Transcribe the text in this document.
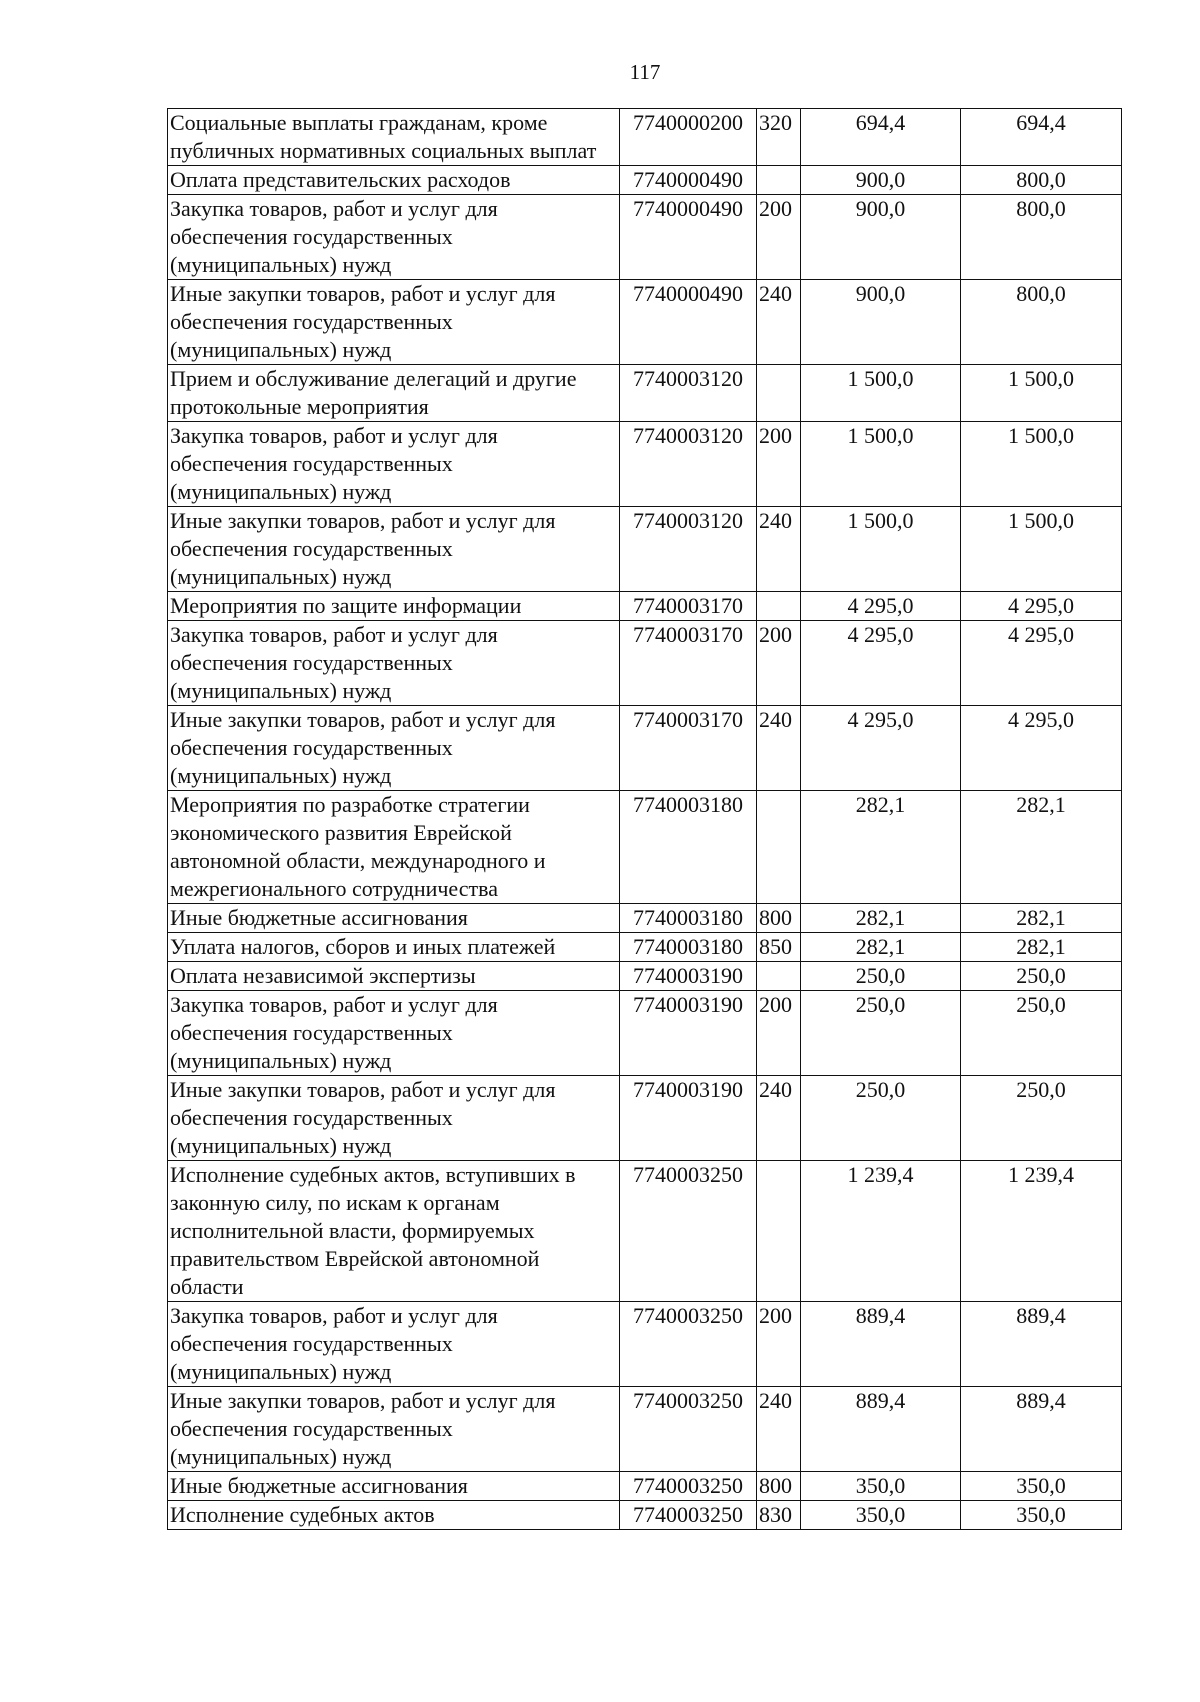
117
Социальные выплаты гражданам, кроме публичных нормативных социальных выплат	7740000200	320	694,4	694,4
Оплата представительских расходов	7740000490		900,0	800,0
Закупка товаров, работ и услуг для обеспечения государственных (муниципальных) нужд	7740000490	200	900,0	800,0
Иные закупки товаров, работ и услуг для обеспечения государственных (муниципальных) нужд	7740000490	240	900,0	800,0
Прием и обслуживание делегаций и другие протокольные мероприятия	7740003120		1 500,0	1 500,0
Закупка товаров, работ и услуг для обеспечения государственных (муниципальных) нужд	7740003120	200	1 500,0	1 500,0
Иные закупки товаров, работ и услуг для обеспечения государственных (муниципальных) нужд	7740003120	240	1 500,0	1 500,0
Мероприятия по защите информации	7740003170		4 295,0	4 295,0
Закупка товаров, работ и услуг для обеспечения государственных (муниципальных) нужд	7740003170	200	4 295,0	4 295,0
Иные закупки товаров, работ и услуг для обеспечения государственных (муниципальных) нужд	7740003170	240	4 295,0	4 295,0
Мероприятия по разработке стратегии экономического развития Еврейской автономной области, международного и межрегионального сотрудничества	7740003180		282,1	282,1
Иные бюджетные ассигнования	7740003180	800	282,1	282,1
Уплата налогов, сборов и иных платежей	7740003180	850	282,1	282,1
Оплата независимой экспертизы	7740003190		250,0	250,0
Закупка товаров, работ и услуг для обеспечения государственных (муниципальных) нужд	7740003190	200	250,0	250,0
Иные закупки товаров, работ и услуг для обеспечения государственных (муниципальных) нужд	7740003190	240	250,0	250,0
Исполнение судебных актов, вступивших в законную силу, по искам к органам исполнительной власти, формируемых правительством Еврейской автономной области	7740003250		1 239,4	1 239,4
Закупка товаров, работ и услуг для обеспечения государственных (муниципальных) нужд	7740003250	200	889,4	889,4
Иные закупки товаров, работ и услуг для обеспечения государственных (муниципальных) нужд	7740003250	240	889,4	889,4
Иные бюджетные ассигнования	7740003250	800	350,0	350,0
Исполнение судебных актов	7740003250	830	350,0	350,0
